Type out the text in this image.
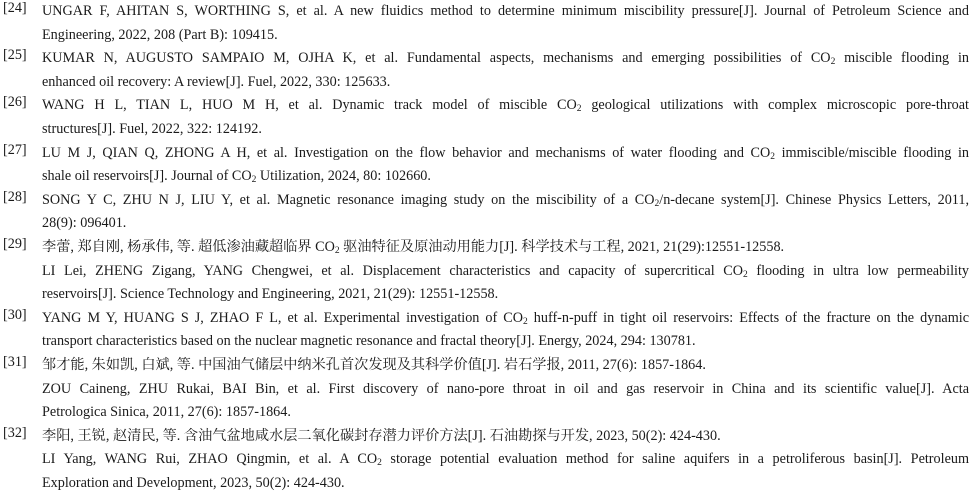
[24] UNGAR F, AHITAN S, WORTHING S, et al. A new fluidics method to determine minimum miscibility pressure[J]. Journal of Petroleum Science and
Engineering, 2022, 208 (Part B): 109415.
[25] KUMAR N, AUGUSTO SAMPAIO M, OJHA K, et al. Fundamental aspects, mechanisms and emerging possibilities of $CO_2$ miscible flooding in
enhanced oil recovery: A review[J]. Fuel, 2022, 330: 125633.
[26] WANG H L, TIAN L, HUO M H, et al. Dynamic track model of miscible $CO_2$ geological utilizations with complex microscopic pore-throat
structures[J]. Fuel, 2022, 322: 124192.
[27] LU M J, QIAN Q, ZHONG A H, et al. Investigation on the flow behavior and mechanisms of water flooding and $CO_2$ immiscible/miscible flooding in
shale oil reservoirs[J]. Journal of $CO_2$ Utilization, 2024, 80: 102660.
[28] SONG Y C, ZHU N J, LIU Y, et al. Magnetic resonance imaging study on the miscibility of a $CO_2/n$-decane system[J]. Chinese Physics Letters, 2011,
28(9): 096401.
[29] 李蕾, 郑自刚, 杨承伟, 等. 超低渗油藏超临界 $CO_2$ 驱油特征及原油动用能力[J]. 科学技术与工程, 2021, 21(29):12551-12558.
LI Lei, ZHENG Zigang, YANG Chengwei, et al. Displacement characteristics and capacity of supercritical $CO_2$ flooding in ultra low permeability
reservoirs[J]. Science Technology and Engineering, 2021, 21(29): 12551-12558.
[30] YANG M Y, HUANG S J, ZHAO F L, et al. Experimental investigation of $CO_2$ huff-n-puff in tight oil reservoirs: Effects of the fracture on the dynamic
transport characteristics based on the nuclear magnetic resonance and fractal theory[J]. Energy, 2024, 294: 130781.
[31] 邹才能, 朱如凯, 白斌, 等. 中国油气储层中纳米孔首次发现及其科学价值[J]. 岩石学报, 2011, 27(6): 1857-1864.
ZOU Caineng, ZHU Rukai, BAI Bin, et al. First discovery of nano-pore throat in oil and gas reservoir in China and its scientific value[J]. Acta
Petrologica Sinica, 2011, 27(6): 1857-1864.
[32] 李阳, 王锐, 赵清民, 等. 含油气盆地咸水层二氧化碳封存潜力评价方法[J]. 石油勘探与开发, 2023, 50(2): 424-430.
LI Yang, WANG Rui, ZHAO Qingmin, et al. A $CO_2$ storage potential evaluation method for saline aquifers in a petroliferous basin[J]. Petroleum
Exploration and Development, 2023, 50(2): 424-430.
